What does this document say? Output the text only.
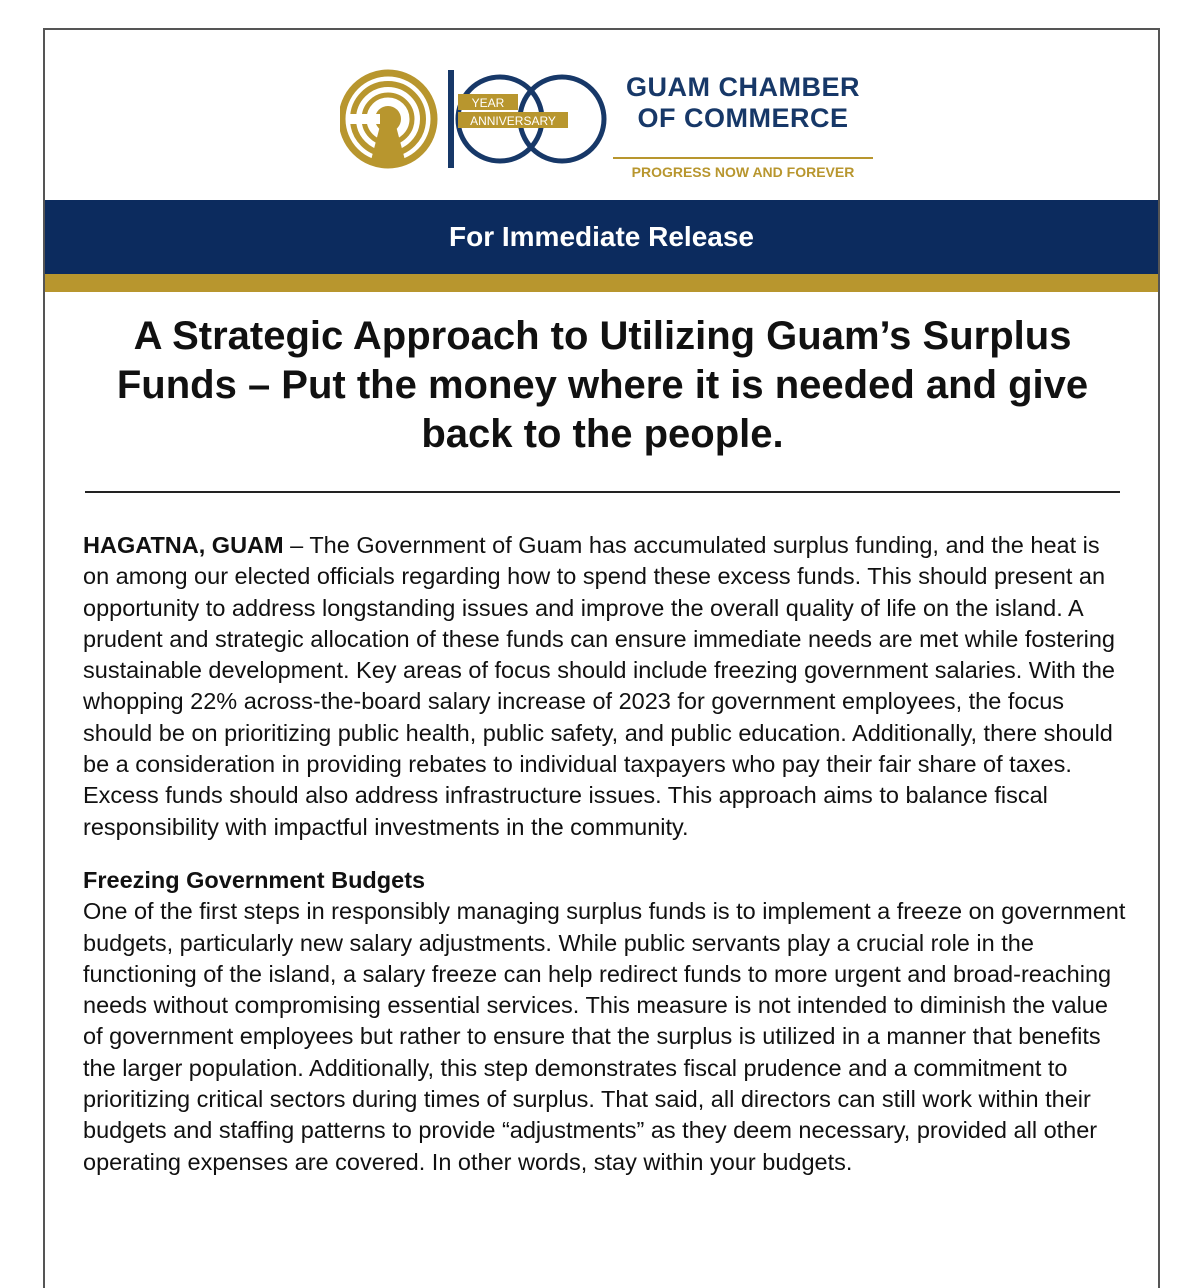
YEAR
ANNIVERSARY
GUAM CHAMBER
OF COMMERCE
PROGRESS NOW AND FOREVER
For Immediate Release
A Strategic Approach to Utilizing Guam’s Surplus Funds – Put the money where it is needed and give back to the people.

HAGATNA, GUAM – The Government of Guam has accumulated surplus funding, and the heat is on among our elected officials regarding how to spend these excess funds. This should present an opportunity to address longstanding issues and improve the overall quality of life on the island. A prudent and strategic allocation of these funds can ensure immediate needs are met while fostering sustainable development. Key areas of focus should include freezing government salaries. With the whopping 22% across-the-board salary increase of 2023 for government employees, the focus should be on prioritizing public health, public safety, and public education. Additionally, there should be a consideration in providing rebates to individual taxpayers who pay their fair share of taxes. Excess funds should also address infrastructure issues. This approach aims to balance fiscal responsibility with impactful investments in the community.

Freezing Government Budgets

One of the first steps in responsibly managing surplus funds is to implement a freeze on government budgets, particularly new salary adjustments. While public servants play a crucial role in the functioning of the island, a salary freeze can help redirect funds to more urgent and broad-reaching needs without compromising essential services. This measure is not intended to diminish the value of government employees but rather to ensure that the surplus is utilized in a manner that benefits the larger population. Additionally, this step demonstrates fiscal prudence and a commitment to prioritizing critical sectors during times of surplus. That said, all directors can still work within their budgets and staffing patterns to provide “adjustments” as they deem necessary, provided all other operating expenses are covered. In other words, stay within your budgets.
